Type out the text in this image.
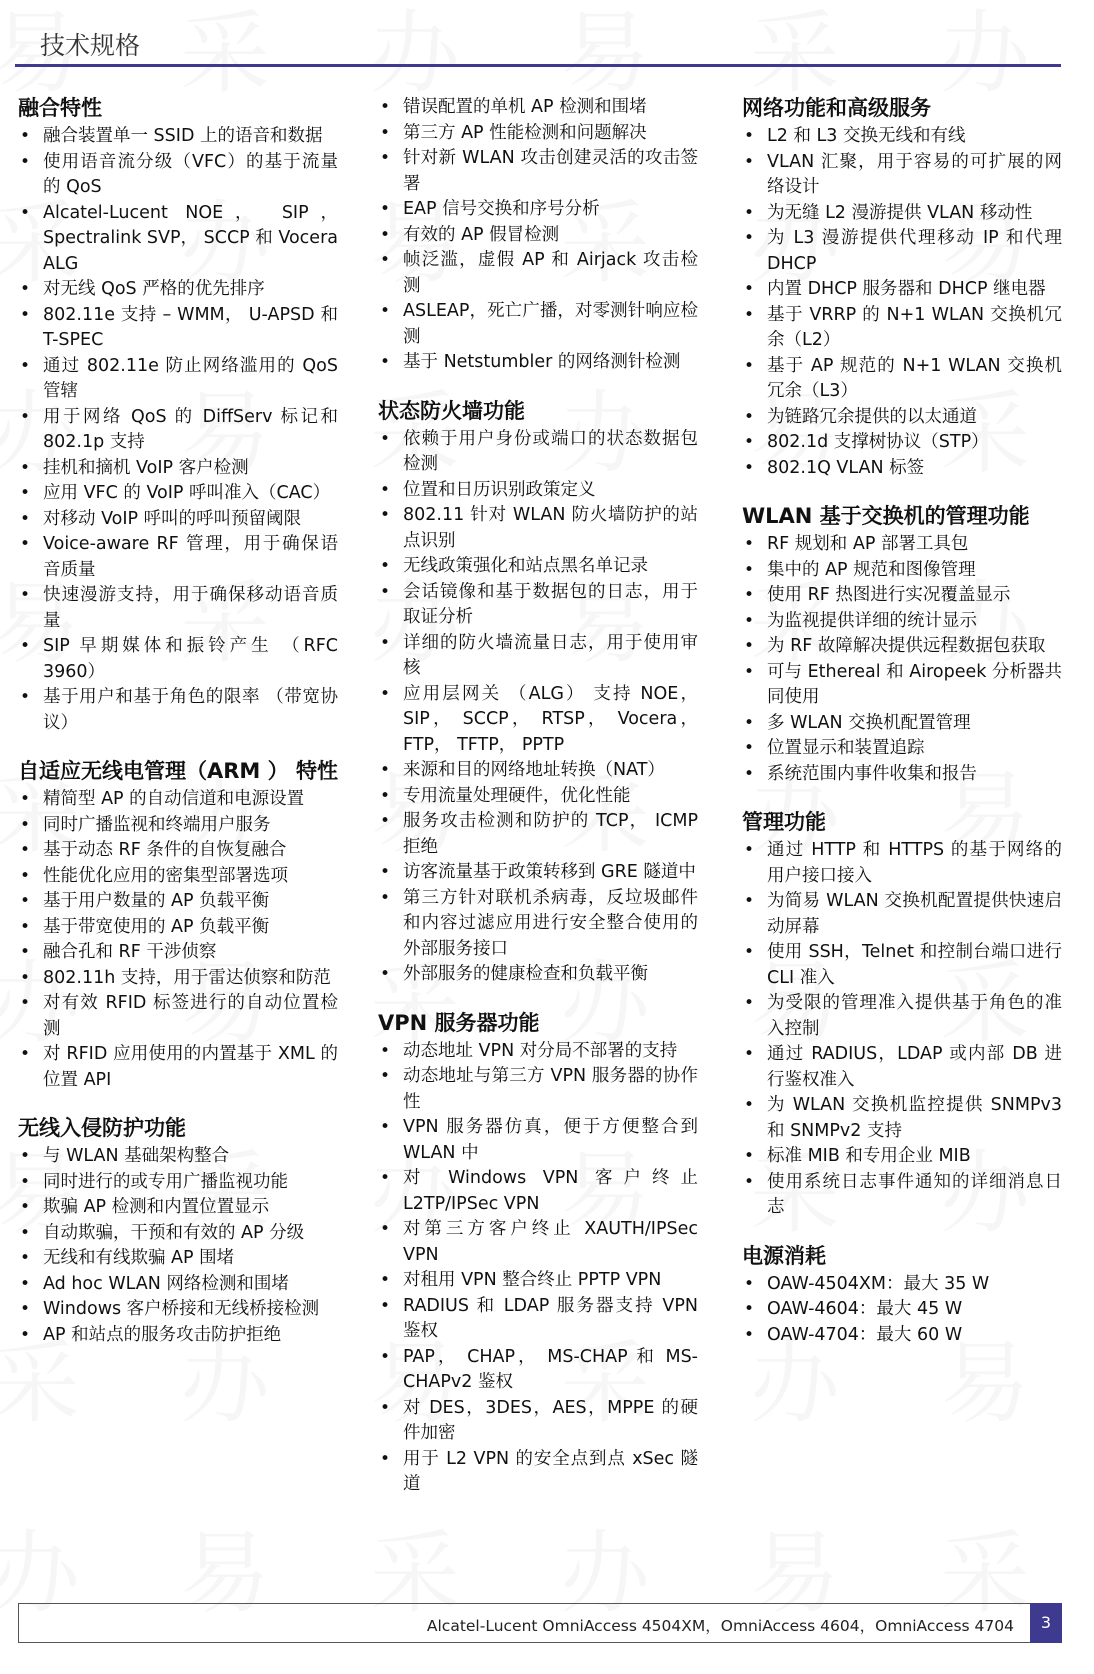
技术规格
融合特性
• 融合装置单一 SSID 上的语音和数据
• 使用语音流分级（VFC）的基于流量的 QoS
• Alcatel-Lucent NOE， SIP， Spectralink SVP， SCCP 和 Vocera ALG
• 对无线 QoS 严格的优先排序
• 802.11e 支持 – WMM， U-APSD 和 T-SPEC
• 通过 802.11e 防止网络滥用的 QoS 管辖
• 用于网络 QoS 的 DiffServ 标记和 802.1p 支持
• 挂机和摘机 VoIP 客户检测
• 应用 VFC 的 VoIP 呼叫准入（CAC）
• 对移动 VoIP 呼叫的呼叫预留阈限
• Voice-aware RF 管理，用于确保语音质量
• 快速漫游支持，用于确保移动语音质量
• SIP 早期媒体和振铃产生 （RFC 3960）
• 基于用户和基于角色的限率 （带宽协议）
自适应无线电管理（ARM ） 特性
• 精简型 AP 的自动信道和电源设置
• 同时广播监视和终端用户服务
• 基于动态 RF 条件的自恢复融合
• 性能优化应用的密集型部署选项
• 基于用户数量的 AP 负载平衡
• 基于带宽使用的 AP 负载平衡
• 融合孔和 RF 干涉侦察
• 802.11h 支持，用于雷达侦察和防范
• 对有效 RFID 标签进行的自动位置检测
• 对 RFID 应用使用的内置基于 XML 的位置 API
无线入侵防护功能
• 与 WLAN 基础架构整合
• 同时进行的或专用广播监视功能
• 欺骗 AP 检测和内置位置显示
• 自动欺骗，干预和有效的 AP 分级
• 无线和有线欺骗 AP 围堵
• Ad hoc WLAN 网络检测和围堵
• Windows 客户桥接和无线桥接检测
• AP 和站点的服务攻击防护拒绝
• 错误配置的单机 AP 检测和围堵
• 第三方 AP 性能检测和问题解决
• 针对新 WLAN 攻击创建灵活的攻击签署
• EAP 信号交换和序号分析
• 有效的 AP 假冒检测
• 帧泛滥，虚假 AP 和 Airjack 攻击检测
• ASLEAP，死亡广播，对零测针响应检测
• 基于 Netstumbler 的网络测针检测
状态防火墙功能
• 依赖于用户身份或端口的状态数据包检测
• 位置和日历识别政策定义
• 802.11 针对 WLAN 防火墙防护的站点识别
• 无线政策强化和站点黑名单记录
• 会话镜像和基于数据包的日志，用于取证分析
• 详细的防火墙流量日志，用于使用审核
• 应用层网关 （ALG） 支持 NOE， SIP， SCCP， RTSP， Vocera， FTP， TFTP， PPTP
• 来源和目的网络地址转换（NAT）
• 专用流量处理硬件，优化性能
• 服务攻击检测和防护的 TCP， ICMP 拒绝
• 访客流量基于政策转移到 GRE 隧道中
• 第三方针对联机杀病毒，反垃圾邮件和内容过滤应用进行安全整合使用的外部服务接口
• 外部服务的健康检查和负载平衡
VPN 服务器功能
• 动态地址 VPN 对分局不部署的支持
• 动态地址与第三方 VPN 服务器的协作性
• VPN 服务器仿真，便于方便整合到 WLAN 中
• 对 Windows VPN 客户终止 L2TP/IPSec VPN
• 对第三方客户终止 XAUTH/IPSec VPN
• 对租用 VPN 整合终止 PPTP VPN
• RADIUS 和 LDAP 服务器支持 VPN 鉴权
• PAP， CHAP， MS-CHAP 和 MS-CHAPv2 鉴权
• 对 DES，3DES，AES，MPPE 的硬件加密
• 用于 L2 VPN 的安全点到点 xSec 隧道
网络功能和高级服务
• L2 和 L3 交换无线和有线
• VLAN 汇聚，用于容易的可扩展的网络设计
• 为无缝 L2 漫游提供 VLAN 移动性
• 为 L3 漫游提供代理移动 IP 和代理 DHCP
• 内置 DHCP 服务器和 DHCP 继电器
• 基于 VRRP 的 N+1 WLAN 交换机冗余（L2）
• 基于 AP 规范的 N+1 WLAN 交换机冗余（L3）
• 为链路冗余提供的以太通道
• 802.1d 支撑树协议（STP）
• 802.1Q VLAN 标签
WLAN 基于交换机的管理功能
• RF 规划和 AP 部署工具包
• 集中的 AP 规范和图像管理
• 使用 RF 热图进行实况覆盖显示
• 为监视提供详细的统计显示
• 为 RF 故障解决提供远程数据包获取
• 可与 Ethereal 和 Airopeek 分析器共同使用
• 多 WLAN 交换机配置管理
• 位置显示和装置追踪
• 系统范围内事件收集和报告
管理功能
• 通过 HTTP 和 HTTPS 的基于网络的用户接口接入
• 为简易 WLAN 交换机配置提供快速启动屏幕
• 使用 SSH，Telnet 和控制台端口进行 CLI 准入
• 为受限的管理准入提供基于角色的准入控制
• 通过 RADIUS，LDAP 或内部 DB 进行鉴权准入
• 为 WLAN 交换机监控提供 SNMPv3 和 SNMPv2 支持
• 标准 MIB 和专用企业 MIB
• 使用系统日志事件通知的详细消息日志
电源消耗
• OAW-4504XM：最大 35 W
• OAW-4604：最大 45 W
• OAW-4704：最大 60 W
Alcatel-Lucent OmniAccess 4504XM，OmniAccess 4604，OmniAccess 4704	3
